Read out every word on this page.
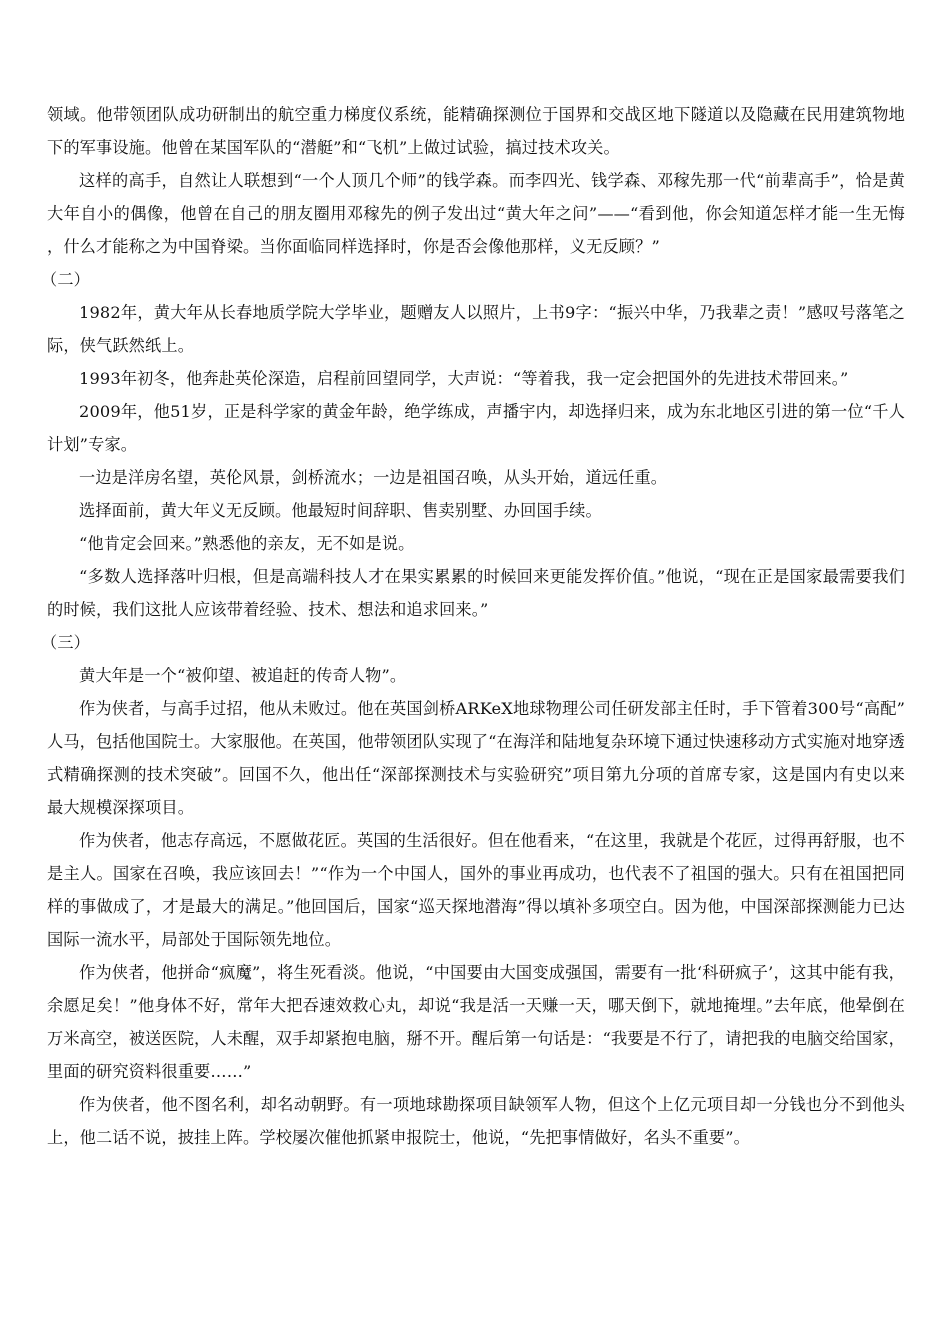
领域。他带领团队成功研制出的航空重力梯度仪系统，能精确探测位于国界和交战区地下隧道以及隐藏在民用建筑物地下的军事设施。他曾在某国军队的“潜艇”和“飞机”上做过试验，搞过技术攻关。

这样的高手，自然让人联想到“一个人顶几个师”的钱学森。而李四光、钱学森、邓稼先那一代“前辈高手”，恰是黄大年自小的偶像，他曾在自己的朋友圈用邓稼先的例子发出过“黄大年之问”——“看到他，你会知道怎样才能一生无悔，什么才能称之为中国脊梁。当你面临同样选择时，你是否会像他那样，义无反顾？”

（二）

1982年，黄大年从长春地质学院大学毕业，题赠友人以照片，上书9字：“振兴中华，乃我辈之责！”感叹号落笔之际，侠气跃然纸上。

1993年初冬，他奔赴英伦深造，启程前回望同学，大声说：“等着我，我一定会把国外的先进技术带回来。”

2009年，他51岁，正是科学家的黄金年龄，绝学练成，声播宇内，却选择归来，成为东北地区引进的第一位“千人计划”专家。

一边是洋房名望，英伦风景，剑桥流水；一边是祖国召唤，从头开始，道远任重。

选择面前，黄大年义无反顾。他最短时间辞职、售卖别墅、办回国手续。

“他肯定会回来。”熟悉他的亲友，无不如是说。

“多数人选择落叶归根，但是高端科技人才在果实累累的时候回来更能发挥价值。”他说，“现在正是国家最需要我们的时候，我们这批人应该带着经验、技术、想法和追求回来。”

（三）

黄大年是一个“被仰望、被追赶的传奇人物”。

作为侠者，与高手过招，他从未败过。他在英国剑桥ARKeX地球物理公司任研发部主任时，手下管着300号“高配”人马，包括他国院士。大家服他。在英国，他带领团队实现了“在海洋和陆地复杂环境下通过快速移动方式实施对地穿透式精确探测的技术突破”。回国不久，他出任“深部探测技术与实验研究”项目第九分项的首席专家，这是国内有史以来最大规模深探项目。

作为侠者，他志存高远，不愿做花匠。英国的生活很好。但在他看来，“在这里，我就是个花匠，过得再舒服，也不是主人。国家在召唤，我应该回去！”“作为一个中国人，国外的事业再成功，也代表不了祖国的强大。只有在祖国把同样的事做成了，才是最大的满足。”他回国后，国家“巡天探地潜海”得以填补多项空白。因为他，中国深部探测能力已达国际一流水平，局部处于国际领先地位。

作为侠者，他拼命“疯魔”，将生死看淡。他说，“中国要由大国变成强国，需要有一批‘科研疯子’，这其中能有我，余愿足矣！”他身体不好，常年大把吞速效救心丸，却说“我是活一天赚一天，哪天倒下，就地掩埋。”去年底，他晕倒在万米高空，被送医院，人未醒，双手却紧抱电脑，掰不开。醒后第一句话是：“我要是不行了，请把我的电脑交给国家，里面的研究资料很重要……”

作为侠者，他不图名利，却名动朝野。有一项地球勘探项目缺领军人物，但这个上亿元项目却一分钱也分不到他头上，他二话不说，披挂上阵。学校屡次催他抓紧申报院士，他说，“先把事情做好，名头不重要”。
